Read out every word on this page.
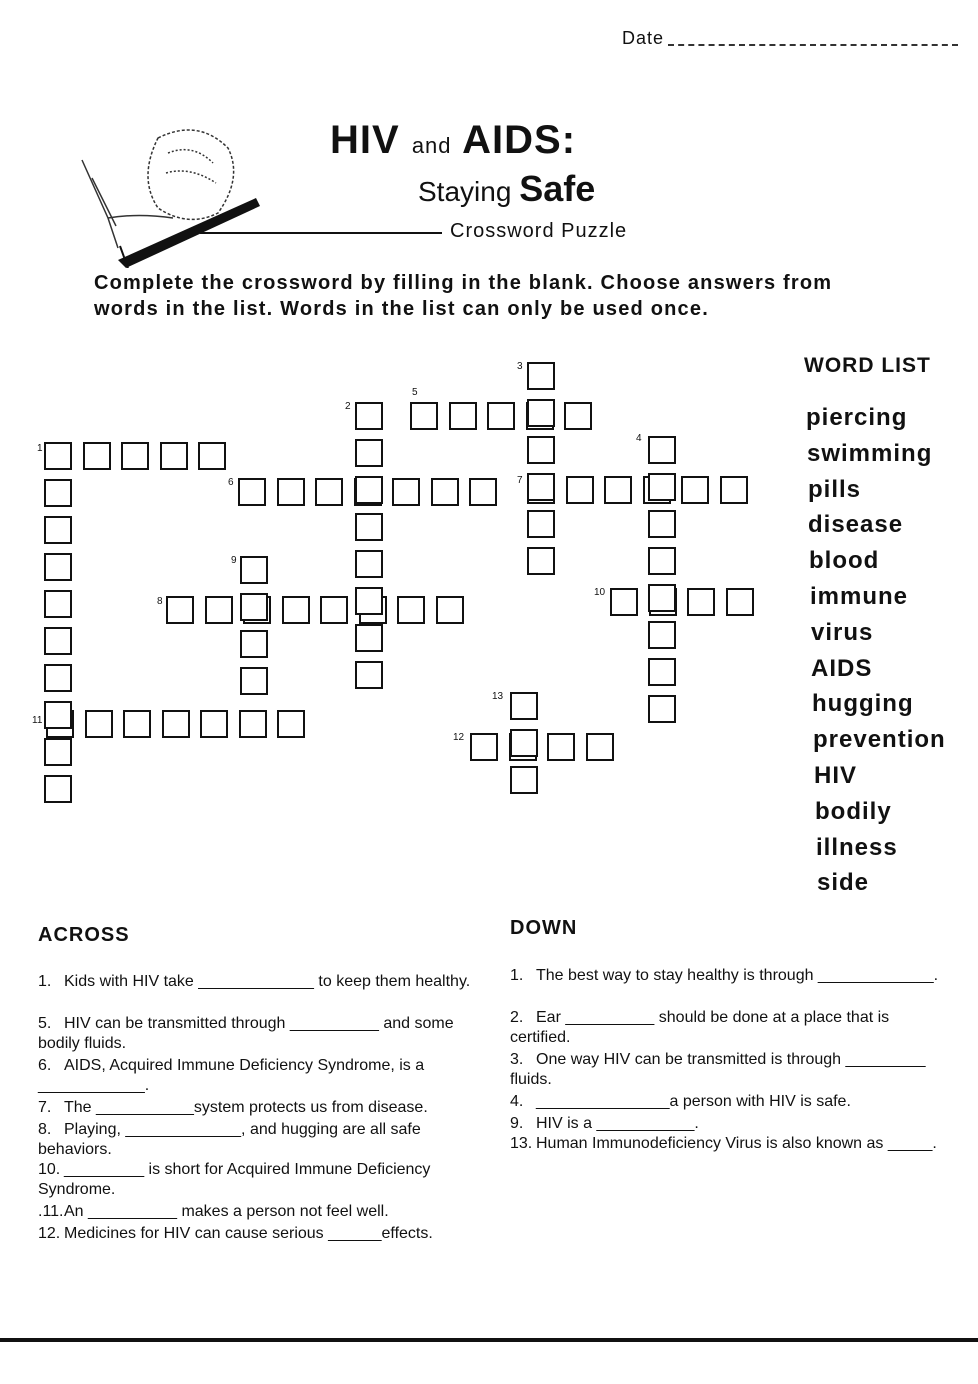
Date
HIV and AIDS:
Staying Safe
Crossword Puzzle
Complete the crossword by filling in the blank. Choose answers from words in the list. Words in the list can only be used once.
1
2
3
4
5
6	7
8
9
10
11
12
13
WORD LIST
piercing
swimming
pills
disease
blood
immune
virus
AIDS
hugging
prevention
HIV
bodily
illness
side
ACROSS	DOWN
1. Kids with HIV take _____________ to keep them healthy.
5. HIV can be transmitted through __________ and some bodily fluids.
6. AIDS, Acquired Immune Deficiency Syndrome, is a ____________.
7. The ___________system protects us from disease.
8. Playing, _____________, and hugging are all safe behaviors.
10. _________ is short for Acquired Immune Deficiency Syndrome.
.11.An __________ makes a person not feel well.
12. Medicines for HIV can cause serious ______effects.
1. The best way to stay healthy is through _____________.
2. Ear __________ should be done at a place that is certified.
3. One way HIV can be transmitted is through _________ fluids.
4. _______________a person with HIV is safe.
9. HIV is a ___________.
13. Human Immunodeficiency Virus is also known as _____.
